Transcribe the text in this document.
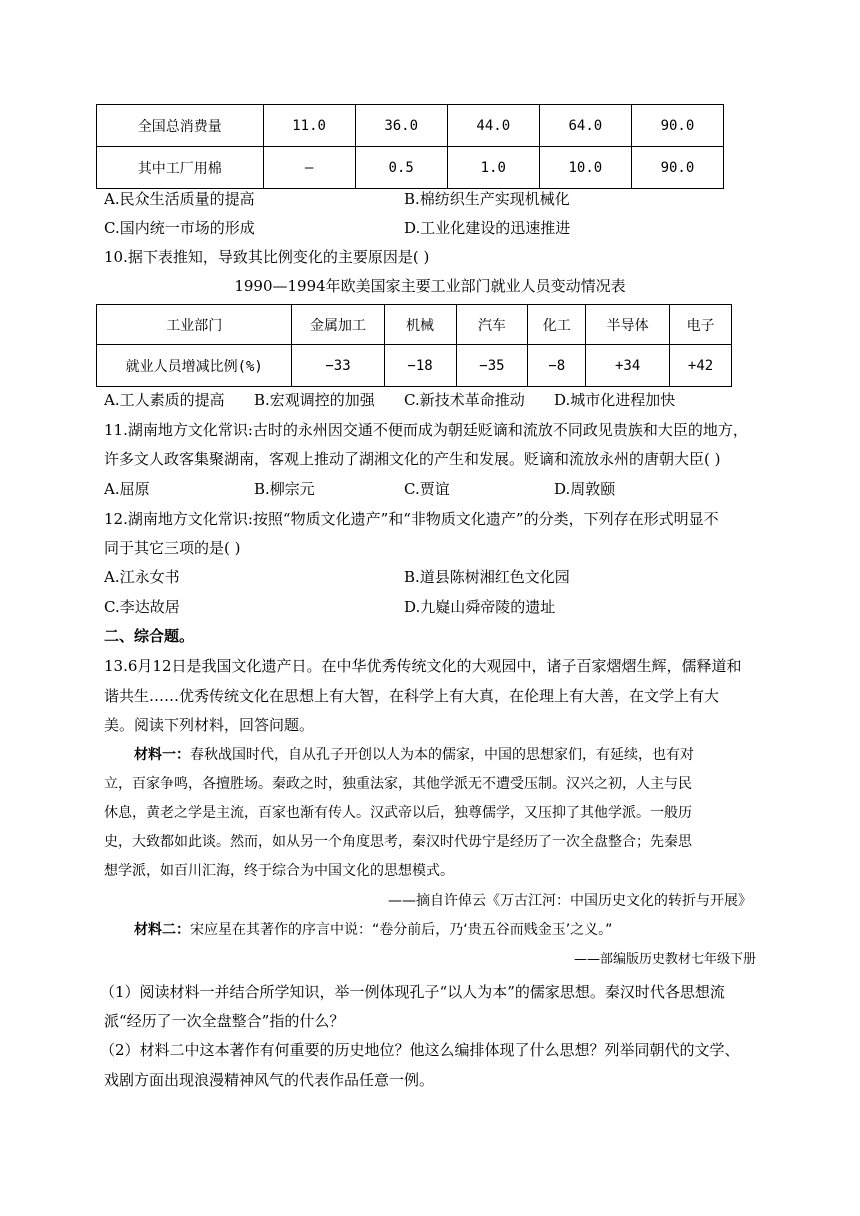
全国总消费量	11.0	36.0	44.0	64.0	90.0
其中工厂用棉	—	0.5	1.0	10.0	90.0
A.民众生活质量的提高	B.棉纺织生产实现机械化
C.国内统一市场的形成	D.工业化建设的迅速推进
10.据下表推知，导致其比例变化的主要原因是( )
1990—1994年欧美国家主要工业部门就业人员变动情况表
工业部门	金属加工	机械	汽车	化工	半导体	电子
就业人员增减比例(%)	−33	−18	−35	−8	+34	+42
A.工人素质的提高 B.宏观调控的加强 C.新技术革命推动 D.城市化进程加快
11.湖南地方文化常识:古时的永州因交通不便而成为朝廷贬谪和流放不同政见贵族和大臣的地方，
许多文人政客集聚湖南，客观上推动了湖湘文化的产生和发展。贬谪和流放永州的唐朝大臣( )
A.屈原	B.柳宗元	C.贾谊	D.周敦颐
12.湖南地方文化常识:按照“物质文化遗产”和“非物质文化遗产”的分类，下列存在形式明显不
同于其它三项的是( )
A.江永女书	B.道县陈树湘红色文化园
C.李达故居	D.九嶷山舜帝陵的遗址
二、综合题。
13.6月12日是我国文化遗产日。在中华优秀传统文化的大观园中，诸子百家熠熠生辉，儒释道和
谐共生……优秀传统文化在思想上有大智，在科学上有大真，在伦理上有大善，在文学上有大
美。阅读下列材料，回答问题。
材料一：春秋战国时代，自从孔子开创以人为本的儒家，中国的思想家们，有延续，也有对
立，百家争鸣，各擅胜场。秦政之时，独重法家，其他学派无不遭受压制。汉兴之初，人主与民
休息，黄老之学是主流，百家也渐有传人。汉武帝以后，独尊儒学，又压抑了其他学派。一般历
史，大致都如此谈。然而，如从另一个角度思考，秦汉时代毋宁是经历了一次全盘整合；先秦思
想学派，如百川汇海，终于综合为中国文化的思想模式。
——摘自许倬云《万古江河：中国历史文化的转折与开展》
材料二：宋应星在其著作的序言中说：“卷分前后，乃‘贵五谷而贱金玉’之义。”
——部编版历史教材七年级下册
（1）阅读材料一并结合所学知识，举一例体现孔子“以人为本”的儒家思想。秦汉时代各思想流
派“经历了一次全盘整合”指的什么？
（2）材料二中这本著作有何重要的历史地位？他这么编排体现了什么思想？列举同朝代的文学、
戏剧方面出现浪漫精神风气的代表作品任意一例。
